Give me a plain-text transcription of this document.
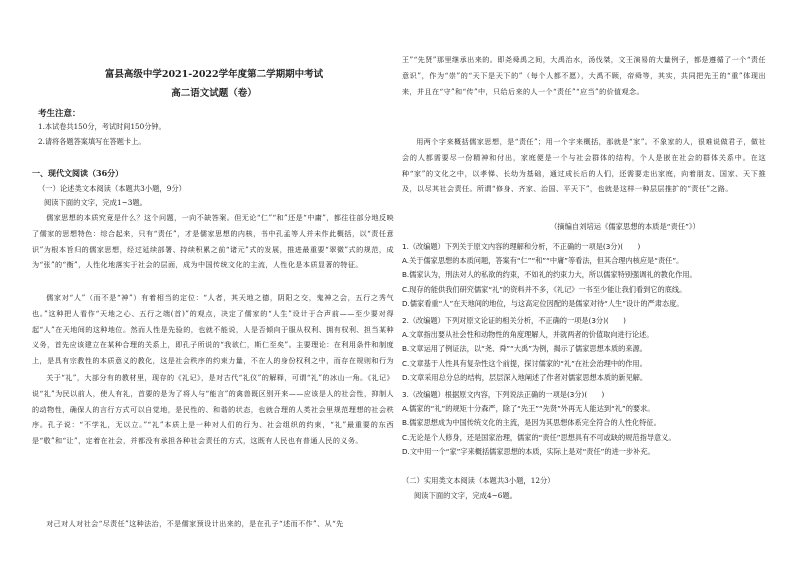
富县高级中学2021-2022学年度第二学期期中考试
高二语文试题（卷）
考生注意：
1.本试卷共150分，考试时间150分钟。
2.请将各题答案填写在答题卡上。
一、现代文阅读（36分）
（一）论述类文本阅读（本题共3小题，9分）
阅读下面的文字，完成1~3题。
儒家思想的本质究竟是什么？这个问题，一向不缺答案。但无论“仁”“和”还是“中庸”，都往往部分地反映了儒家的思想特色：综合起来，只有“责任”，才是儒家思想的内核，书中孔孟等人并未作此概括，以“责任意识”为根本旨归的儒家思想，经过延续部署、持续积累之前“诸元”式的发展，推进最重要“翠微”式的规范，成为“张”的“衡”，人性化地落实于社会的层面，成为中国传统文化的主流，人性化是本质显著的特征。
儒家对“人”（而不是“神”）有着相当的定位：“人者，其天地之德，阴阳之交，鬼神之会，五行之秀气也。”这种把人看作“天地之心、五行之端(首)”的观点，决定了儒家的“人生”设计于合声前——至少要对得起“人”在天地间的这种地位。然而人性是先验的，也就不能说，人是否倾向于服从权利、拥有权利、担当某种义务，首先应该建立在某种合理的关系上，即孔子所说的“我欲仁，斯仁至矣”。主要理论：在利用条件和制度上，是具有宗教性的本质意义的教化，这是社会秩序的约束力量，不在人的身份权利之中，而存在规则和行为
关于“礼”，大部分有的教材里，现存的《礼记》，是对古代“礼仪”的解释，可谓“礼”的冰山一角。《礼记》说“礼”为民以前人，使人有礼，首要的是为了将人与“能言”的禽兽既区别开来——应该是人的社会性，抑制人的动物性，确保人的言行方式可以自觉地，是民性的、和谐的状态，也就合理的人类社会里规范理想的社会秩序。孔子说：“不学礼，无以立。”“礼”本质上是一种对人们的行为、社会组织的约束，“礼”最重要的东西是“敬”和“让”，定着在社会，并都没有承担各种社会责任的方式，这既有人民也有普通人民的义务。
对己对人对社会“尽责任”这种法治，不是儒家预设计出来的，是在孔子“述而不作”、从“先
王”“先贤”那里继承出来的。即尧舜禹之间，大禹治水，汤伐桀，文王演易的大量例子，都是遵循了一个“责任意识”，作为“崇”的“天下是天下的”（每个人都不愿），大禹不顾，帝舜等，其实，共同把先王的“重”体现出来，并且在“守”和“传”中，只给后来的人一个“责任”“应当”的价值观念。
用两个字来概括儒家思想，是“责任”；用一个字来概括，那就是“家”。不象家的人，很难说做君子，做社会的人都需要尽一份精神和付出，家庭便是一个与社会群体的结构，个人是嵌在社会的群体关系中。在这种“家”的文化之中，以孝悌、长幼为基础，通过成长后的人们，还需要走出家庭，向着朋友、国家、天下推及，以尽其社会责任。所谓“修身、齐家、治国、平天下”，也就是这样一种层层推扩的“责任”之路。
（摘编自刘培运《儒家思想的本质是“责任”》）
1.（改编题）下列关于原文内容的理解和分析，不正确的一项是(3分)(　　)
A.关于儒家思想的本质问题，答案有“仁”“和”“中庸”等看法，但其合理内核应是“责任”。
B.儒家认为，刑法对人的私欲的约束，不如礼的约束力大，所以儒家特别强调礼的教化作用。
C.现存的能供我们研究儒家“礼”的资料并不多，《礼记》一书至少能让我们看到它的底线。
D.儒家看重“人”在天地间的地位，与这高定位因配的是儒家对待“人生”设计的严肃态度。
2.（改编题）下列对原文论证的相关分析，不正确的一项是(3分)(　　)
A.文章指出要从社会性和动物性的角度理解人，并就两者的价值取向进行论述。
B.文章运用了例证法，以“尧、舜”“大禹”为例，揭示了儒家思想本质的来源。
C.文章基于人性具有复杂性这个前提，探讨儒家的“礼”在社会治理中的作用。
D.文章采用总分总的结构，层层深入地阐述了作者对儒家思想本质的新见解。
3.（改编题）根据原文内容，下列说法正确的一项是(3分)(　　)
A.儒家的“礼”的规矩十分森严，除了“先王”“先贤”外再无人能达到“礼”的要求。
B.儒家思想成为中国传统文化的主流，是因为其思想体系完全符合的人性化特征。
C.无论是个人修身，还是国家治理，儒家的“责任”思想具有不可或缺的规范指导意义。
D.文中用一个“家”字来概括儒家思想的本质，实际上是对“责任”的进一步补充。
（二）实用类文本阅读（本题共3小题，12分）
阅读下面的文字，完成4~6题。
